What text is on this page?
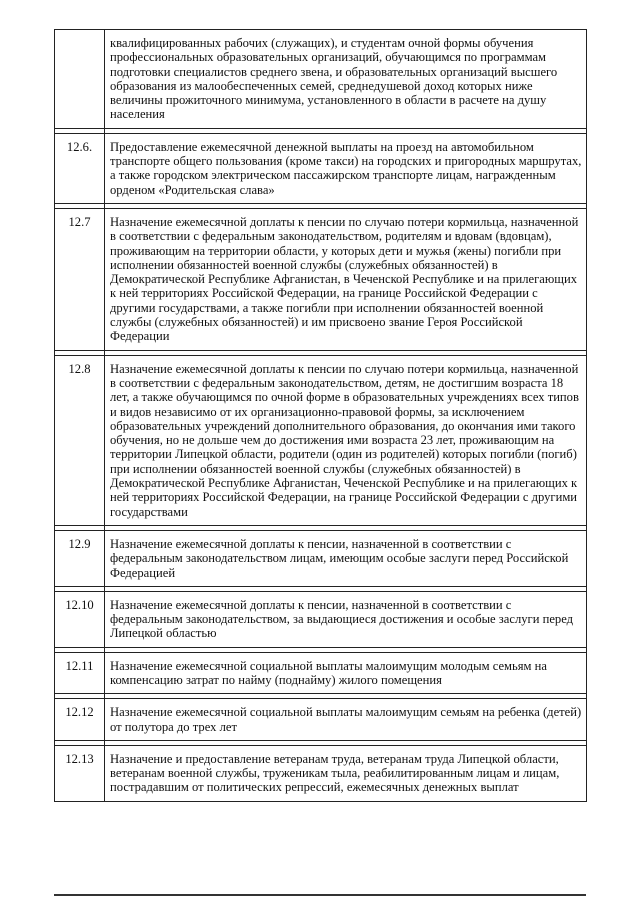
	квалифицированных рабочих (служащих), и студентам очной формы обучения профессиональных образовательных организаций, обучающимся по программам подготовки специалистов среднего звена, и образовательных организаций высшего образования из малообеспеченных семей, среднедушевой доход которых ниже величины прожиточного минимума, установленного в области в расчете на душу населения

12.6.	Предоставление ежемесячной денежной выплаты на проезд на автомобильном транспорте общего пользования (кроме такси) на городских и пригородных маршрутах, а также городском электрическом пассажирском транспорте лицам, награжденным орденом «Родительская слава»

12.7	Назначение ежемесячной доплаты к пенсии по случаю потери кормильца, назначенной в соответствии с федеральным законодательством, родителям и вдовам (вдовцам), проживающим на территории области, у которых дети и мужья (жены) погибли при исполнении обязанностей военной службы (служебных обязанностей) в Демократической Республике Афганистан, в Чеченской Республике и на прилегающих к ней территориях Российской Федерации, на границе Российской Федерации с другими государствами, а также погибли при исполнении обязанностей военной службы (служебных обязанностей) и им присвоено звание Героя Российской Федерации

12.8	Назначение ежемесячной доплаты к пенсии по случаю потери кормильца, назначенной в соответствии с федеральным законодательством, детям, не достигшим возраста 18 лет, а также обучающимся по очной форме в образовательных учреждениях всех типов и видов независимо от их организационно-правовой формы, за исключением образовательных учреждений дополнительного образования, до окончания ими такого обучения, но не дольше чем до достижения ими возраста 23 лет, проживающим на территории Липецкой области, родители (один из родителей) которых погибли (погиб) при исполнении обязанностей военной службы (служебных обязанностей) в Демократической Республике Афганистан, Чеченской Республике и на прилегающих к ней территориях Российской Федерации, на границе Российской Федерации с другими государствами

12.9	Назначение ежемесячной доплаты к пенсии, назначенной в соответствии с федеральным законодательством лицам, имеющим особые заслуги перед Российской Федерацией

12.10	Назначение ежемесячной доплаты к пенсии, назначенной в соответствии с федеральным законодательством, за выдающиеся достижения и особые заслуги перед Липецкой областью

12.11	Назначение ежемесячной социальной выплаты малоимущим молодым семьям на компенсацию затрат по найму (поднайму) жилого помещения

12.12	Назначение ежемесячной социальной выплаты малоимущим семьям на ребенка (детей) от полутора до трех лет

12.13	Назначение и предоставление ветеранам труда, ветеранам труда Липецкой области, ветеранам военной службы, труженикам тыла, реабилитированным лицам и лицам, пострадавшим от политических репрессий, ежемесячных денежных выплат
